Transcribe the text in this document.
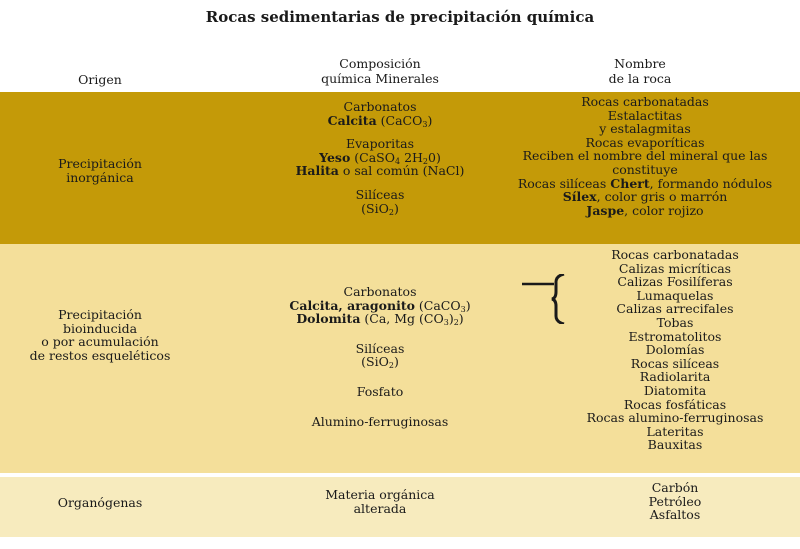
Rocas sedimentarias de precipitación química
Origen
Composición
química Minerales
Nombre
de la roca
Precipitación
inorgánica
Carbonatos
Calcita (CaCO$_3$)
Evaporitas
Yeso (CaSO$_4$ $2H_20$)
Halita o sal común (NaCl)
Silíceas
(SiO$_2$)
Rocas carbonatadas
Estalactitas
y estalagmitas
Rocas evaporíticas
Reciben el nombre del mineral que las
constituye
Rocas silíceas Chert, formando nódulos
Sílex, color gris o marrón
Jaspe, color rojizo
Precipitación
bioinducida
o por acumulación
de restos esqueléticos
Carbonatos
Calcita, aragonito (CaCO$_3$)
Dolomita (Ca, Mg $(CO_3)_2$)
Silíceas
(SiO$_2$)
Fosfato
Alumino-ferruginosas
Rocas carbonatadas
Calizas micríticas
Calizas Fosilíferas
Lumaquelas
Calizas arrecifales
Tobas
Estromatolitos
Dolomías
Rocas silíceas
Radiolarita
Diatomita
Rocas fosfáticas
Rocas alumino-ferruginosas
Lateritas
Bauxitas
Organógenas
Materia orgánica
alterada
Carbón
Petróleo
Asfaltos
